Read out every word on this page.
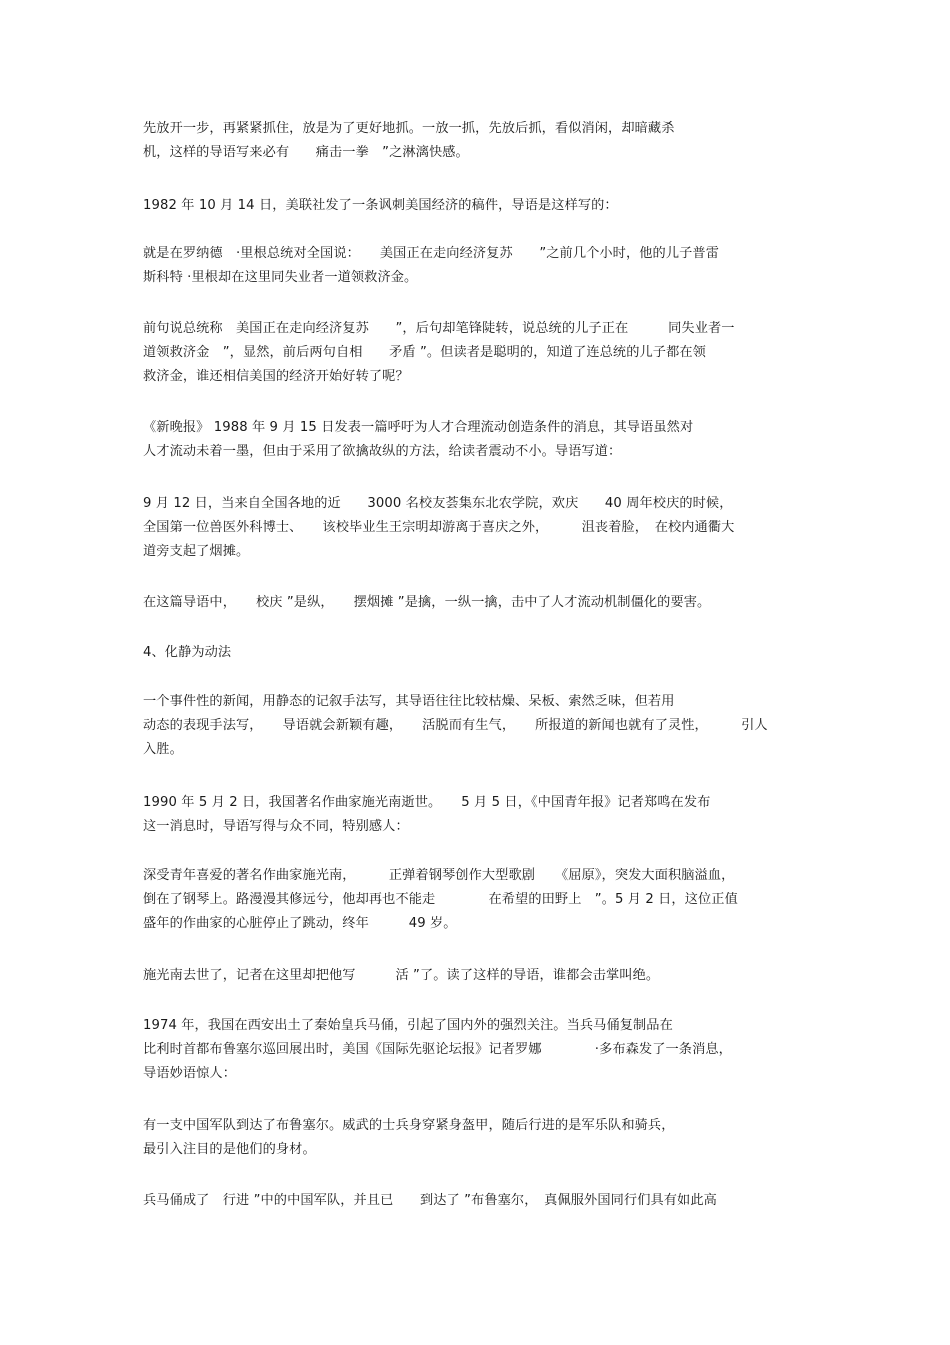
先放开一步，再紧紧抓住，放是为了更好地抓。一放一抓，先放后抓，看似消闲，却暗藏杀
机，这样的导语写来必有　　痛击一拳　”之淋漓快感。
1982 年 10 月 14 日，美联社发了一条讽刺美国经济的稿件，导语是这样写的：
就是在罗纳德　·里根总统对全国说：　　美国正在走向经济复苏　　”之前几个小时，他的儿子普雷
斯科特 ·里根却在这里同失业者一道领救济金。
前句说总统称　美国正在走向经济复苏　　”，后句却笔锋陡转，说总统的儿子正在　　　同失业者一
道领救济金　”，显然，前后两句自相　　矛盾 ”。但读者是聪明的，知道了连总统的儿子都在领
救济金，谁还相信美国的经济开始好转了呢？
《新晚报》 1988 年 9 月 15 日发表一篇呼吁为人才合理流动创造条件的消息，其导语虽然对
人才流动未着一墨，但由于采用了欲擒故纵的方法，给读者震动不小。导语写道：
9 月 12 日，当来自全国各地的近　　3000 名校友荟集东北农学院，欢庆　　40 周年校庆的时候，
全国第一位兽医外科博士、　　该校毕业生王宗明却游离于喜庆之外，　　　沮丧着脸，　在校内通衢大
道旁支起了烟摊。
在这篇导语中，　　校庆 ”是纵，　　摆烟摊 ”是擒，一纵一擒，击中了人才流动机制僵化的要害。
4、化静为动法
一个事件性的新闻，用静态的记叙手法写，其导语往往比较枯燥、呆板、索然乏味，但若用
动态的表现手法写，　　导语就会新颖有趣，　　活脱而有生气，　　所报道的新闻也就有了灵性，　　　引人
入胜。
1990 年 5 月 2 日，我国著名作曲家施光南逝世。　　5 月 5 日，《中国青年报》记者郑鸣在发布
这一消息时，导语写得与众不同，特别感人：
深受青年喜爱的著名作曲家施光南，　　　正弹着钢琴创作大型歌剧　　《屈原》，突发大面积脑溢血，
倒在了钢琴上。路漫漫其修远兮，他却再也不能走　　　　在希望的田野上　”。5 月 2 日，这位正值
盛年的作曲家的心脏停止了跳动，终年　　　49 岁。
施光南去世了，记者在这里却把他写　　　活 ”了。读了这样的导语，谁都会击掌叫绝。
1974 年，我国在西安出土了秦始皇兵马俑，引起了国内外的强烈关注。当兵马俑复制品在
比利时首都布鲁塞尔巡回展出时，美国《国际先驱论坛报》记者罗娜　　　　·多布森发了一条消息，
导语妙语惊人：
有一支中国军队到达了布鲁塞尔。威武的士兵身穿紧身盔甲，随后行进的是军乐队和骑兵，
最引入注目的是他们的身材。
兵马俑成了　行进 ”中的中国军队，并且已　　到达了 ”布鲁塞尔，　真佩服外国同行们具有如此高
